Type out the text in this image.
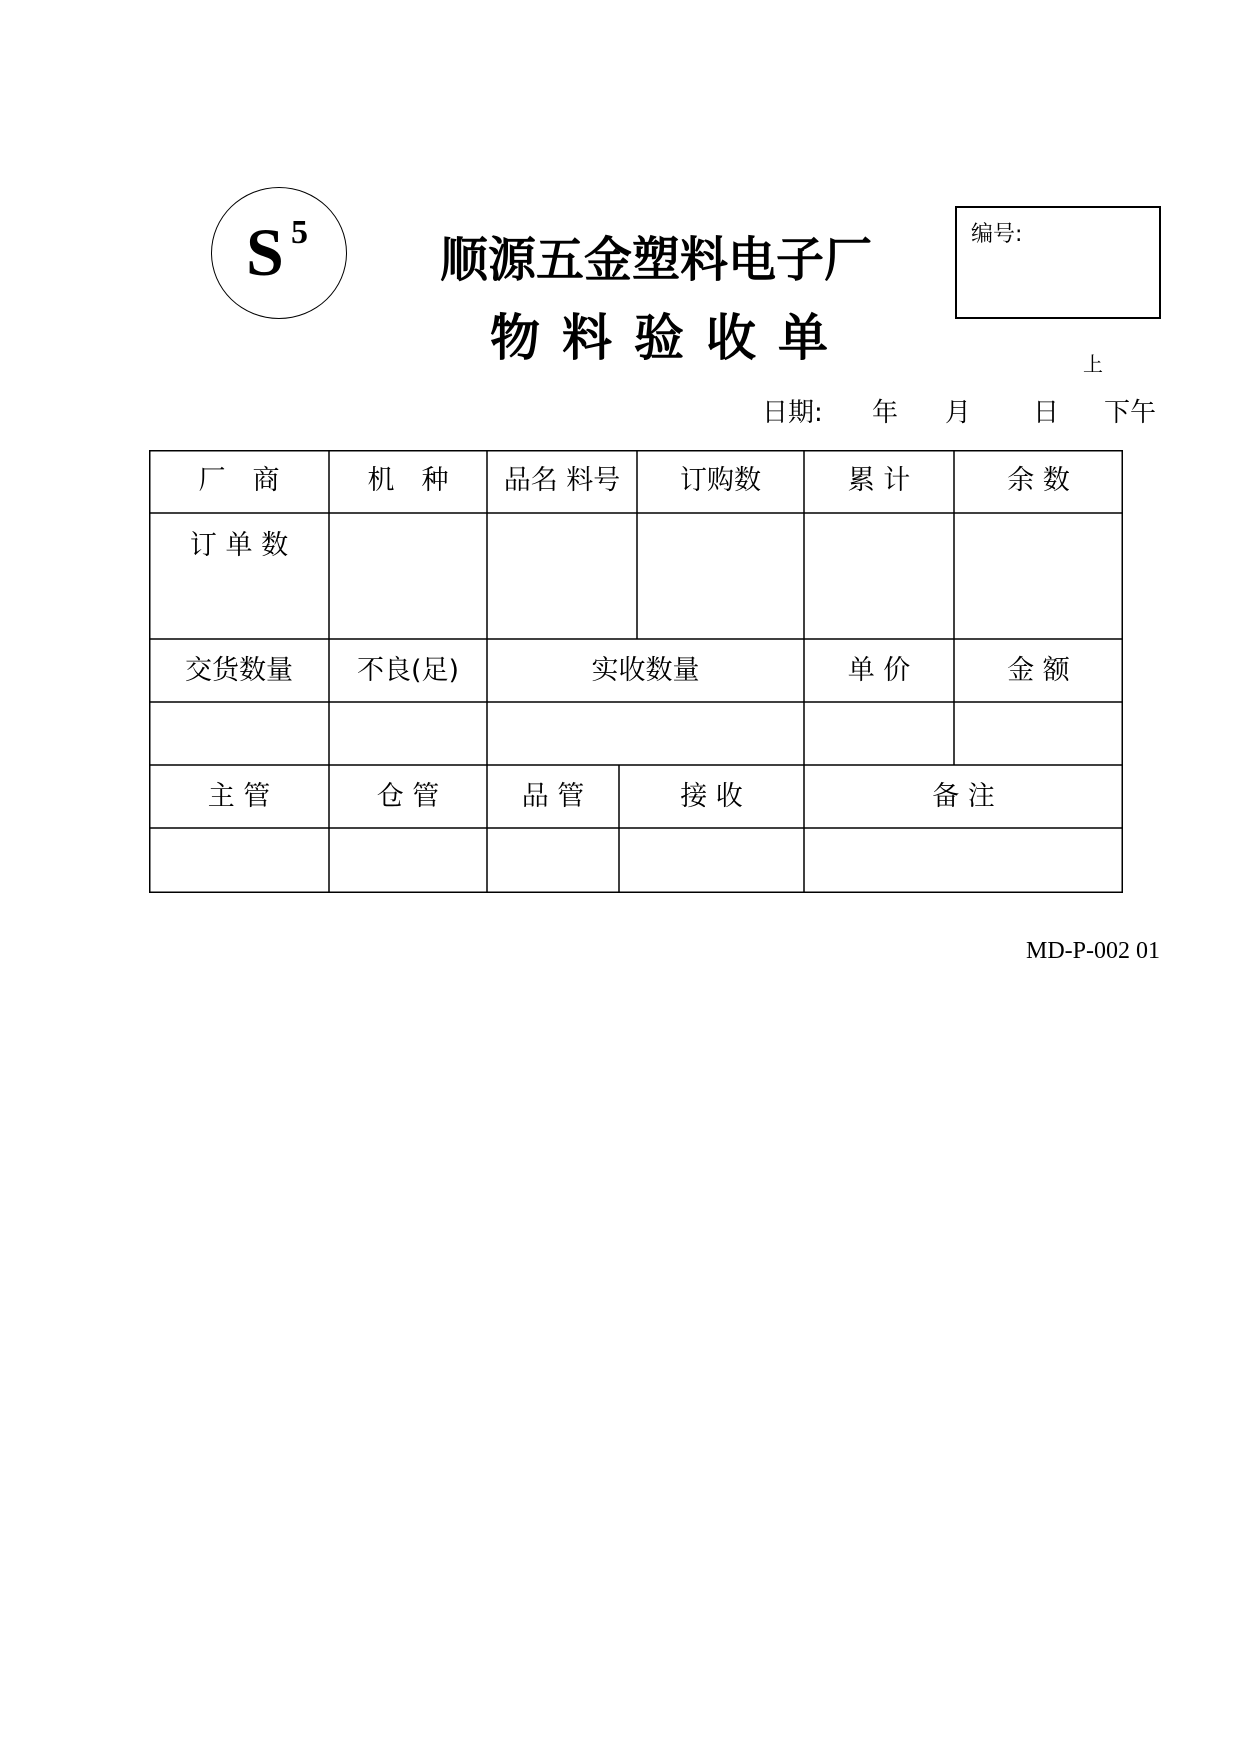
S 5	顺源五金塑料电子厂
物料验收单
编号:
上
日期: 年 月 日 下午
厂　商	机　种	品名 料号	订购数	累 计	余 数
订 单 数
交货数量	不良(足)	实收数量	单 价	金 额
主 管	仓 管	品 管	接 收	备 注
MD-P-002 01
